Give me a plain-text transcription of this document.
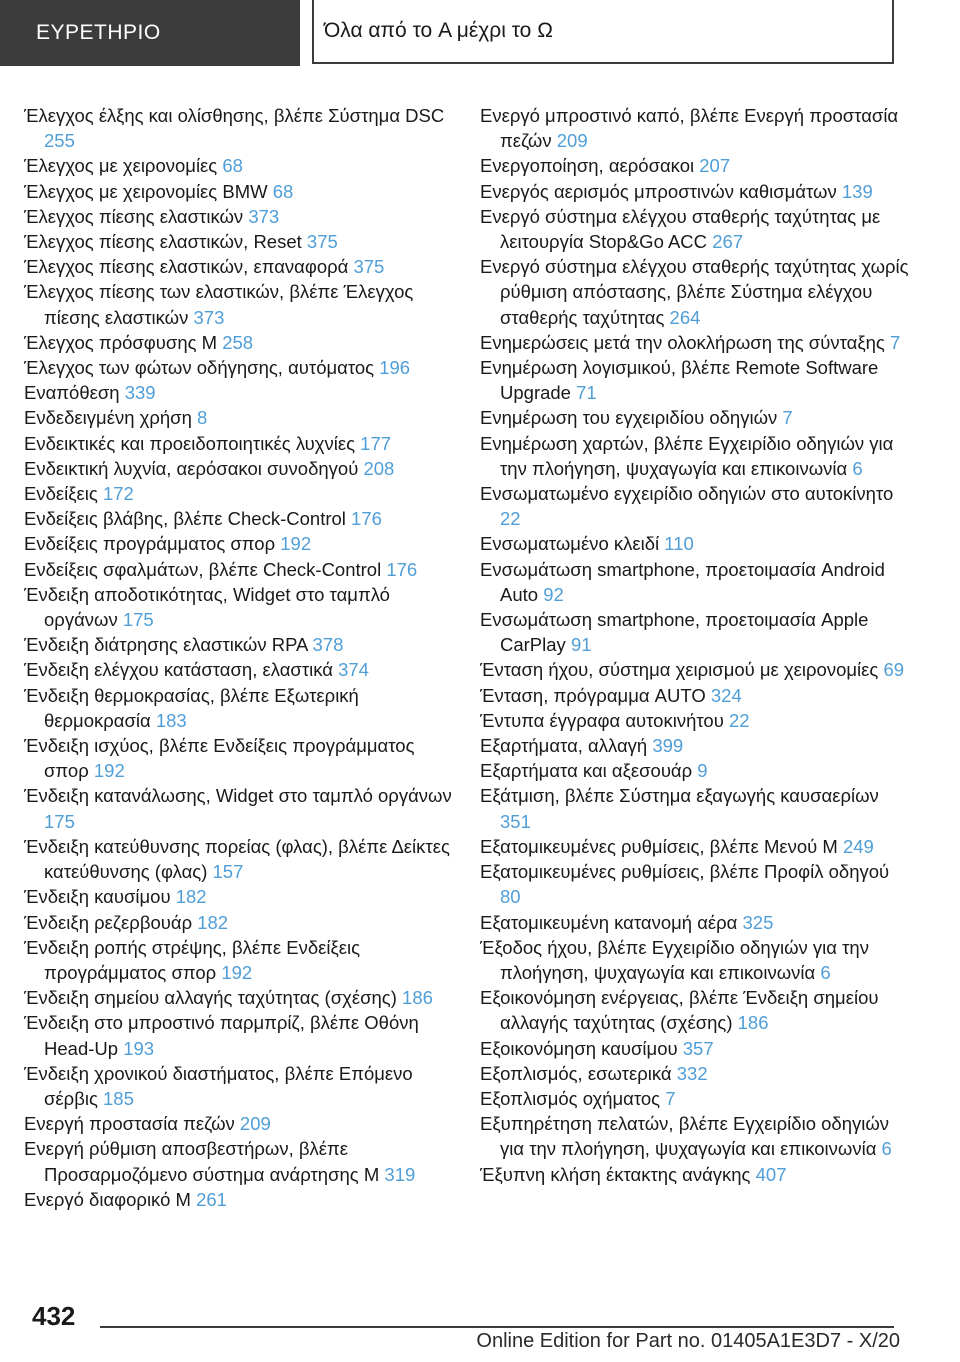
ΕΥΡΕΤΗΡΙΟ	Όλα από το A μέχρι το Ω
Έλεγχος έλξης και ολίσθησης, βλέπε Σύστημα DSC 255
Έλεγχος με χειρονομίες 68
Έλεγχος με χειρονομίες BMW 68
Έλεγχος πίεσης ελαστικών 373
Έλεγχος πίεσης ελαστικών, Reset 375
Έλεγχος πίεσης ελαστικών, επαναφορά 375
Έλεγχος πίεσης των ελαστικών, βλέπε Έλεγχος πίεσης ελαστικών 373
Έλεγχος πρόσφυσης M 258
Έλεγχος των φώτων οδήγησης, αυτόματος 196
Εναπόθεση 339
Ενδεδειγμένη χρήση 8
Ενδεικτικές και προειδοποιητικές λυχνίες 177
Ενδεικτική λυχνία, αερόσακοι συνοδηγού 208
Ενδείξεις 172
Ενδείξεις βλάβης, βλέπε Check-Control 176
Ενδείξεις προγράμματος σπορ 192
Ενδείξεις σφαλμάτων, βλέπε Check-Control 176
Ένδειξη αποδοτικότητας, Widget στο ταμπλό οργάνων 175
Ένδειξη διάτρησης ελαστικών RPA 378
Ένδειξη ελέγχου κατάσταση, ελαστικά 374
Ένδειξη θερμοκρασίας, βλέπε Εξωτερική θερμοκρασία 183
Ένδειξη ισχύος, βλέπε Ενδείξεις προγράμματος σπορ 192
Ένδειξη κατανάλωσης, Widget στο ταμπλό οργάνων 175
Ένδειξη κατεύθυνσης πορείας (φλας), βλέπε Δείκτες κατεύθυνσης (φλας) 157
Ένδειξη καυσίμου 182
Ένδειξη ρεζερβουάρ 182
Ένδειξη ροπής στρέψης, βλέπε Ενδείξεις προγράμματος σπορ 192
Ένδειξη σημείου αλλαγής ταχύτητας (σχέσης) 186
Ένδειξη στο μπροστινό παρμπρίζ, βλέπε Οθόνη Head-Up 193
Ένδειξη χρονικού διαστήματος, βλέπε Επόμενο σέρβις 185
Ενεργή προστασία πεζών 209
Ενεργή ρύθμιση αποσβεστήρων, βλέπε Προσαρμοζόμενο σύστημα ανάρτησης M 319
Ενεργό διαφορικό M 261
Ενεργό μπροστινό καπό, βλέπε Ενεργή προστασία πεζών 209
Ενεργοποίηση, αερόσακοι 207
Ενεργός αερισμός μπροστινών καθισμάτων 139
Ενεργό σύστημα ελέγχου σταθερής ταχύτητας με λειτουργία Stop&Go ACC 267
Ενεργό σύστημα ελέγχου σταθερής ταχύτητας χωρίς ρύθμιση απόστασης, βλέπε Σύστημα ελέγχου σταθερής ταχύτητας 264
Ενημερώσεις μετά την ολοκλήρωση της σύνταξης 7
Ενημέρωση λογισμικού, βλέπε Remote Software Upgrade 71
Ενημέρωση του εγχειριδίου οδηγιών 7
Ενημέρωση χαρτών, βλέπε Εγχειρίδιο οδηγιών για την πλοήγηση, ψυχαγωγία και επικοινωνία 6
Ενσωματωμένο εγχειρίδιο οδηγιών στο αυτοκίνητο 22
Ενσωματωμένο κλειδί 110
Ενσωμάτωση smartphone, προετοιμασία Android Auto 92
Ενσωμάτωση smartphone, προετοιμασία Apple CarPlay 91
Ένταση ήχου, σύστημα χειρισμού με χειρονομίες 69
Ένταση, πρόγραμμα AUTO 324
Έντυπα έγγραφα αυτοκινήτου 22
Εξαρτήματα, αλλαγή 399
Εξαρτήματα και αξεσουάρ 9
Εξάτμιση, βλέπε Σύστημα εξαγωγής καυσαερίων 351
Εξατομικευμένες ρυθμίσεις, βλέπε Μενού M 249
Εξατομικευμένες ρυθμίσεις, βλέπε Προφίλ οδηγού 80
Εξατομικευμένη κατανομή αέρα 325
Έξοδος ήχου, βλέπε Εγχειρίδιο οδηγιών για την πλοήγηση, ψυχαγωγία και επικοινωνία 6
Εξοικονόμηση ενέργειας, βλέπε Ένδειξη σημείου αλλαγής ταχύτητας (σχέσης) 186
Εξοικονόμηση καυσίμου 357
Εξοπλισμός, εσωτερικά 332
Εξοπλισμός οχήματος 7
Εξυπηρέτηση πελατών, βλέπε Εγχειρίδιο οδηγιών για την πλοήγηση, ψυχαγωγία και επικοινωνία 6
Έξυπνη κλήση έκτακτης ανάγκης 407
432
Online Edition for Part no. 01405A1E3D7 - X/20
